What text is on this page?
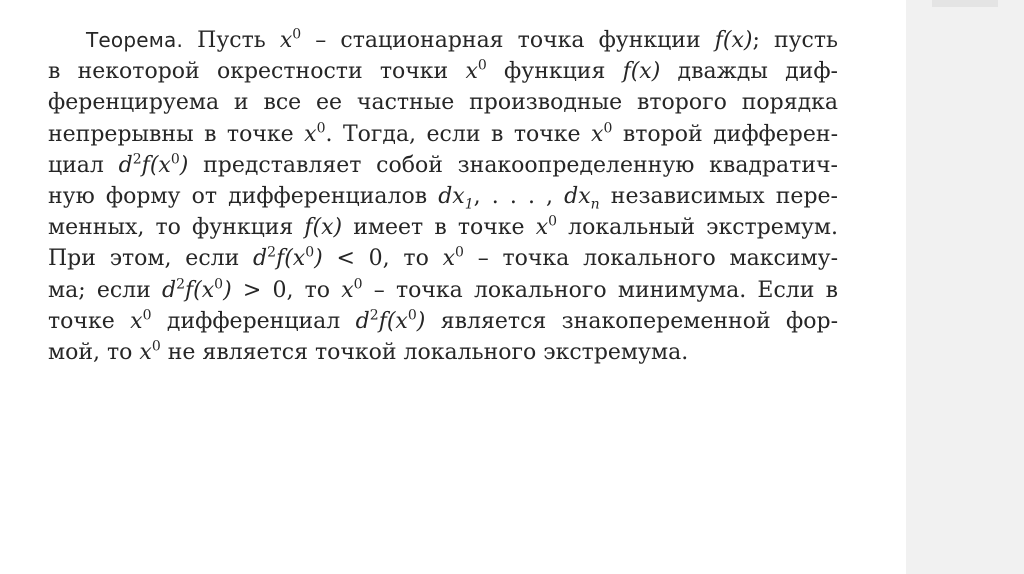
Теорема. Пусть $x^0$ – стационарная точка функции f(x); пусть
в некоторой окрестности точки $x^0$ функция f(x) дважды диф-
ференцируема и все ее частные производные второго порядка
непрерывны в точке $x^0$. Тогда, если в точке $x^0$ второй дифферен-
циал $d^2f(x^0)$ представляет собой знакоопределенную квадратич-
ную форму от дифференциалов $dx_1$, . . . , $dx_n$ независимых пере-
менных, то функция f(x) имеет в точке $x^0$ локальный экстремум.
При этом, если $d^2f(x^0) < 0$, то $x^0$ – точка локального максиму-
ма; если $d^2f(x^0) > 0$, то $x^0$ – точка локального минимума. Если в
точке $x^0$ дифференциал $d^2f(x^0)$ является знакопеременной фор-
мой, то $x^0$ не является точкой локального экстремума.
